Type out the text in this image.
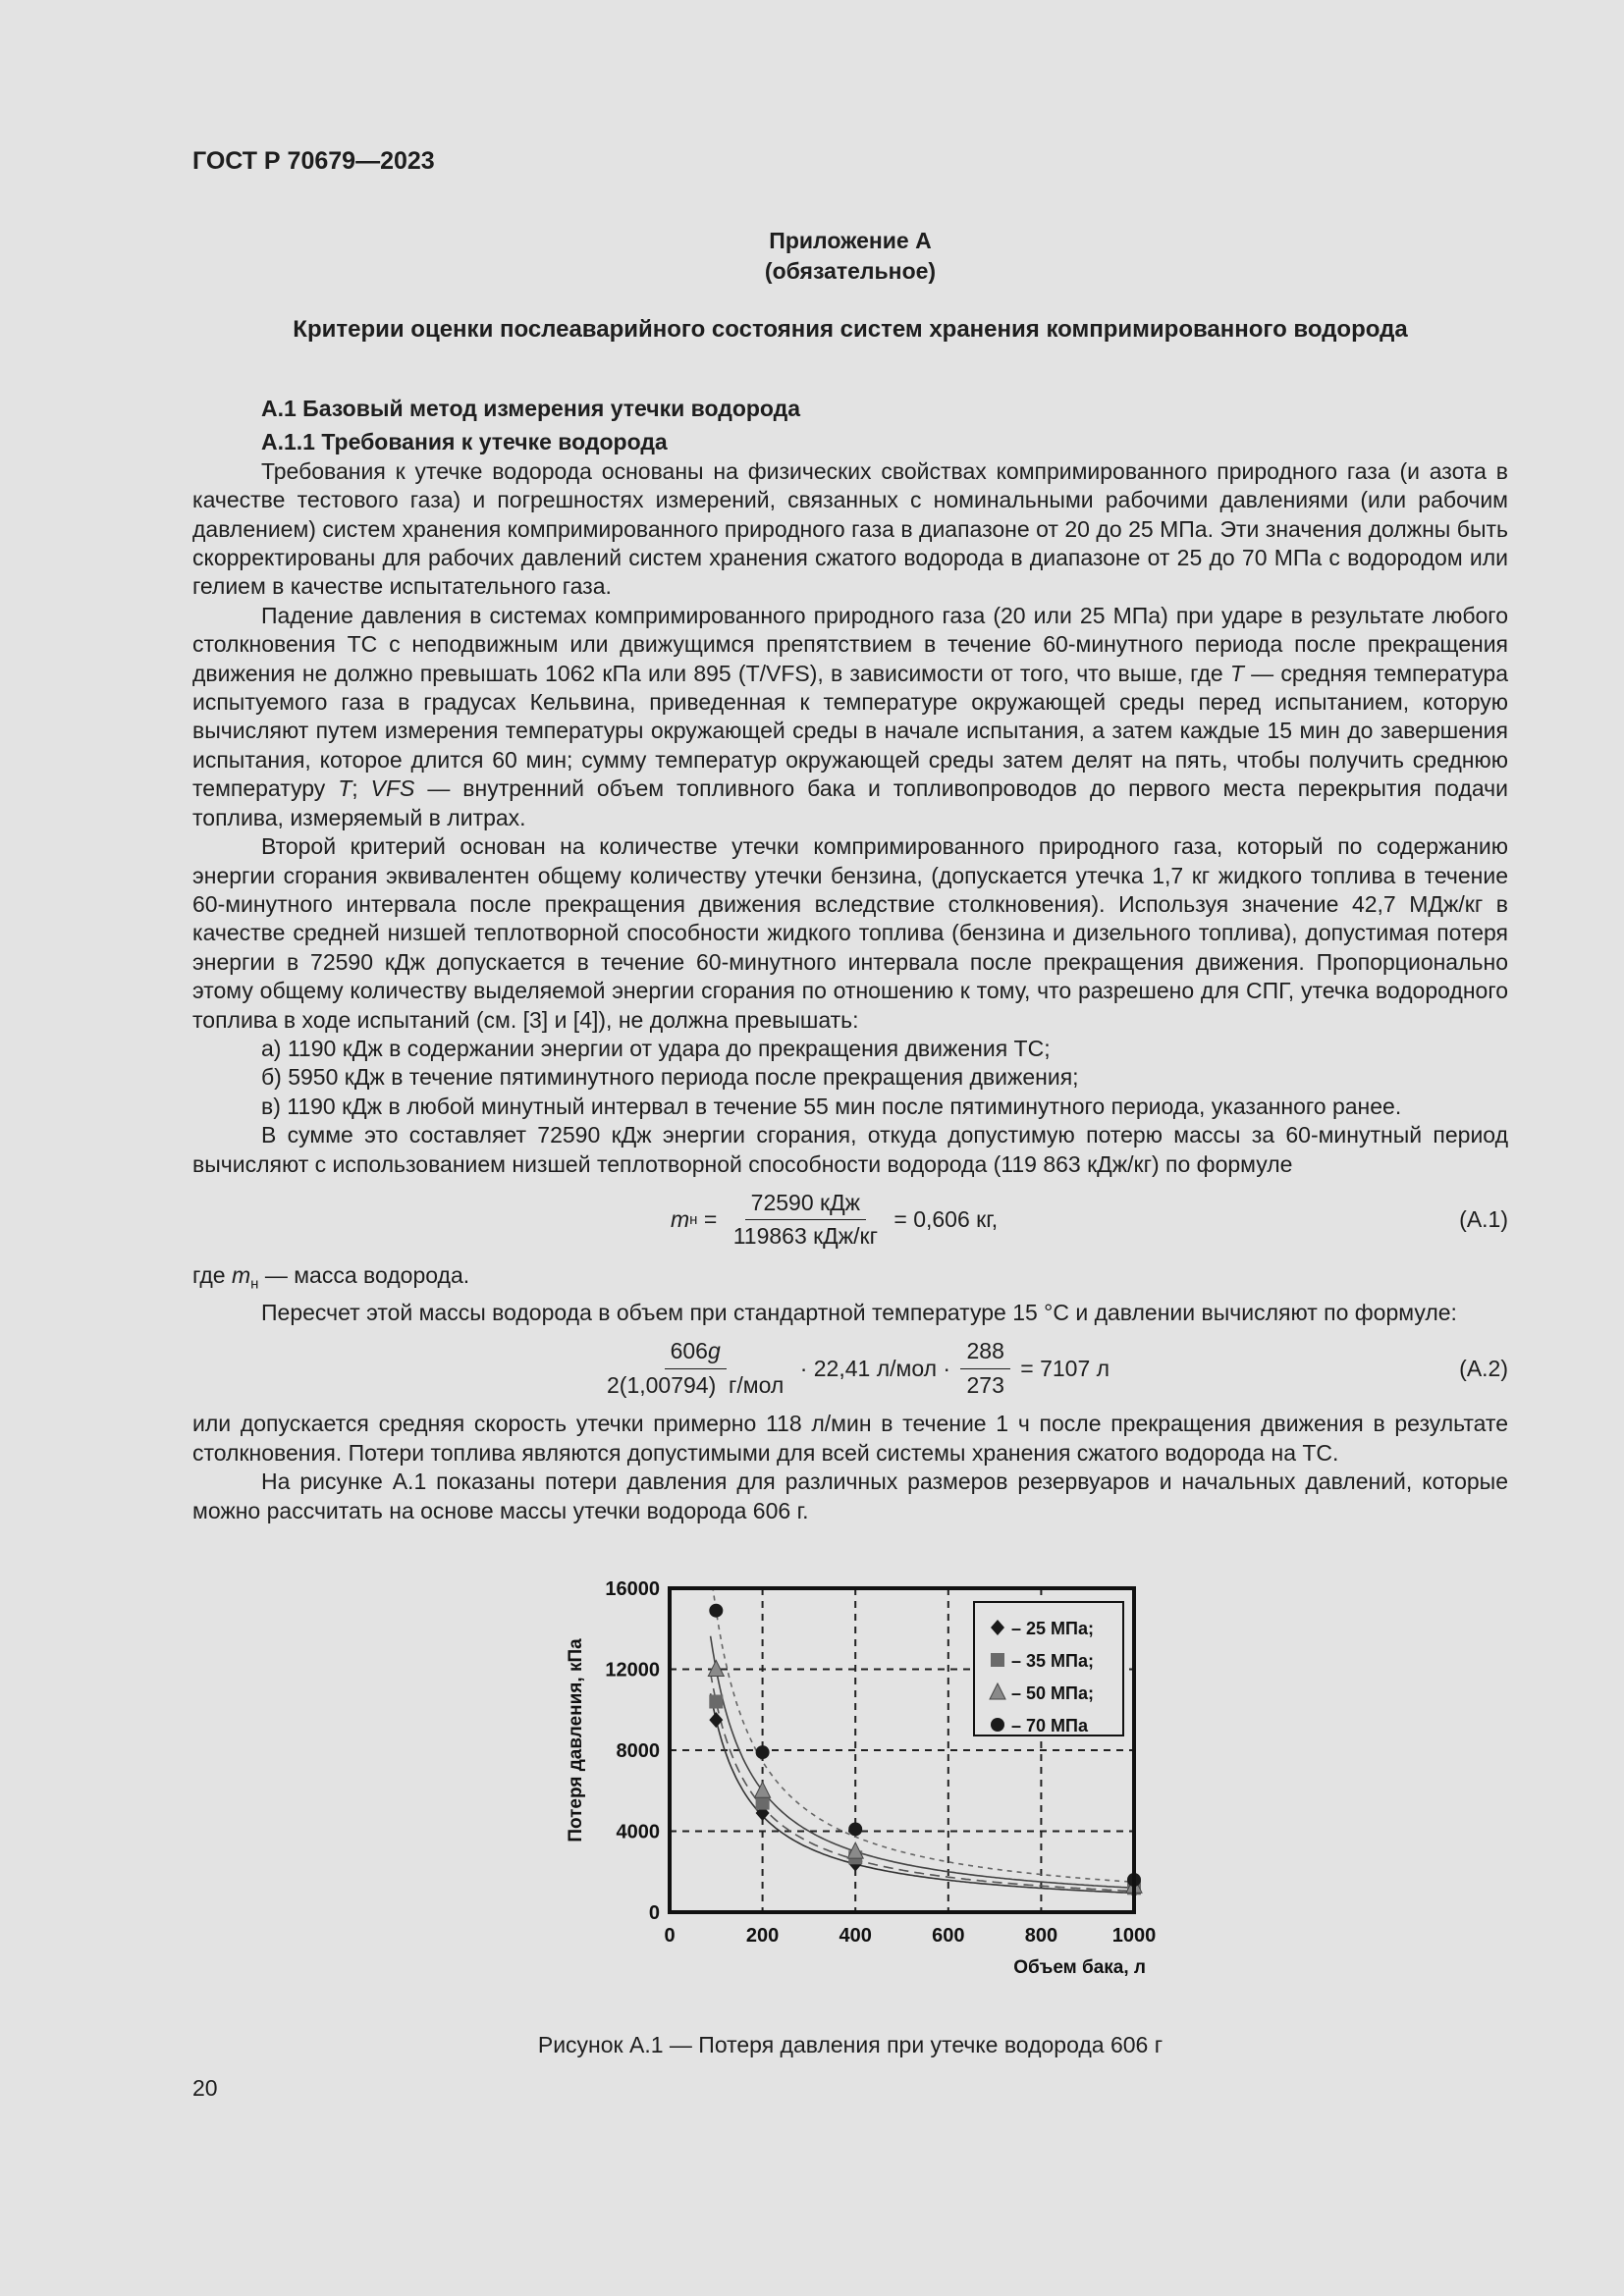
ГОСТ Р 70679—2023
Приложение А
(обязательное)
Критерии оценки послеаварийного состояния систем хранения компримированного водорода

А.1 Базовый метод измерения утечки водорода

А.1.1 Требования к утечке водорода

Требования к утечке водорода основаны на физических свойствах компримированного природного газа (и азота в качестве тестового газа) и погрешностях измерений, связанных с номинальными рабочими давлениями (или рабочим давлением) систем хранения компримированного природного газа в диапазоне от 20 до 25 МПа. Эти значения должны быть скорректированы для рабочих давлений систем хранения сжатого водорода в диапазоне от 25 до 70 МПа с водородом или гелием в качестве испытательного газа.

Падение давления в системах компримированного природного газа (20 или 25 МПа) при ударе в результате любого столкновения ТС с неподвижным или движущимся препятствием в течение 60-минутного периода после прекращения движения не должно превышать 1062 кПа или 895 (T/VFS), в зависимости от того, что выше, где T — средняя температура испытуемого газа в градусах Кельвина, приведенная к температуре окружающей среды перед испытанием, которую вычисляют путем измерения температуры окружающей среды в начале испытания, а затем каждые 15 мин до завершения испытания, которое длится 60 мин; сумму температур окружающей среды затем делят на пять, чтобы получить среднюю температуру T; VFS — внутренний объем топливного бака и топливопроводов до первого места перекрытия подачи топлива, измеряемый в литрах.

Второй критерий основан на количестве утечки компримированного природного газа, который по содержанию энергии сгорания эквивалентен общему количеству утечки бензина, (допускается утечка 1,7 кг жидкого топлива в течение 60-минутного интервала после прекращения движения вследствие столкновения). Используя значение 42,7 МДж/кг в качестве средней низшей теплотворной способности жидкого топлива (бензина и дизельного топлива), допустимая потеря энергии в 72590 кДж допускается в течение 60-минутного интервала после прекращения движения. Пропорционально этому общему количеству выделяемой энергии сгорания по отношению к тому, что разрешено для СПГ, утечка водородного топлива в ходе испытаний (см. [3] и [4]), не должна превышать:

а) 1190 кДж в содержании энергии от удара до прекращения движения ТС;

б) 5950 кДж в течение пятиминутного периода после прекращения движения;

в) 1190 кДж в любой минутный интервал в течение 55 мин после пятиминутного периода, указанного ранее.

В сумме это составляет 72590 кДж энергии сгорания, откуда допустимую потерю массы за 60-минутный период вычисляют с использованием низшей теплотворной способности водорода (119 863 кДж/кг) по формуле

m $н = \frac{\text{72590 кДж}}{\text{119863 кДж/кг}} = 0,606$ кг,	(А.1)

где $m_н$ — масса водорода.

Пересчет этой массы водорода в объем при стандартной температуре 15 °С и давлении вычисляют по формуле:

$\frac{606g}{\text{2(1,00794)  г/мол}} \cdot 22,41$ $л/мол \cdot \frac{288}{273} = 7107$ л	(А.2)

или допускается средняя скорость утечки примерно 118 л/мин в течение 1 ч после прекращения движения в результате столкновения. Потери топлива являются допустимыми для всей системы хранения сжатого водорода на ТС.

На рисунке А.1 показаны потери давления для различных размеров резервуаров и начальных давлений, которые можно рассчитать на основе массы утечки водорода 606 г.

0	200	400	600	800	1000
0
4000
8000
12000
16000
Объем бака, л
Потеря давления, кПа
– 25 МПа;
– 35 МПа;
– 50 МПа;
– 70 МПа
Рисунок А.1 — Потеря давления при утечке водорода 606 г
20
